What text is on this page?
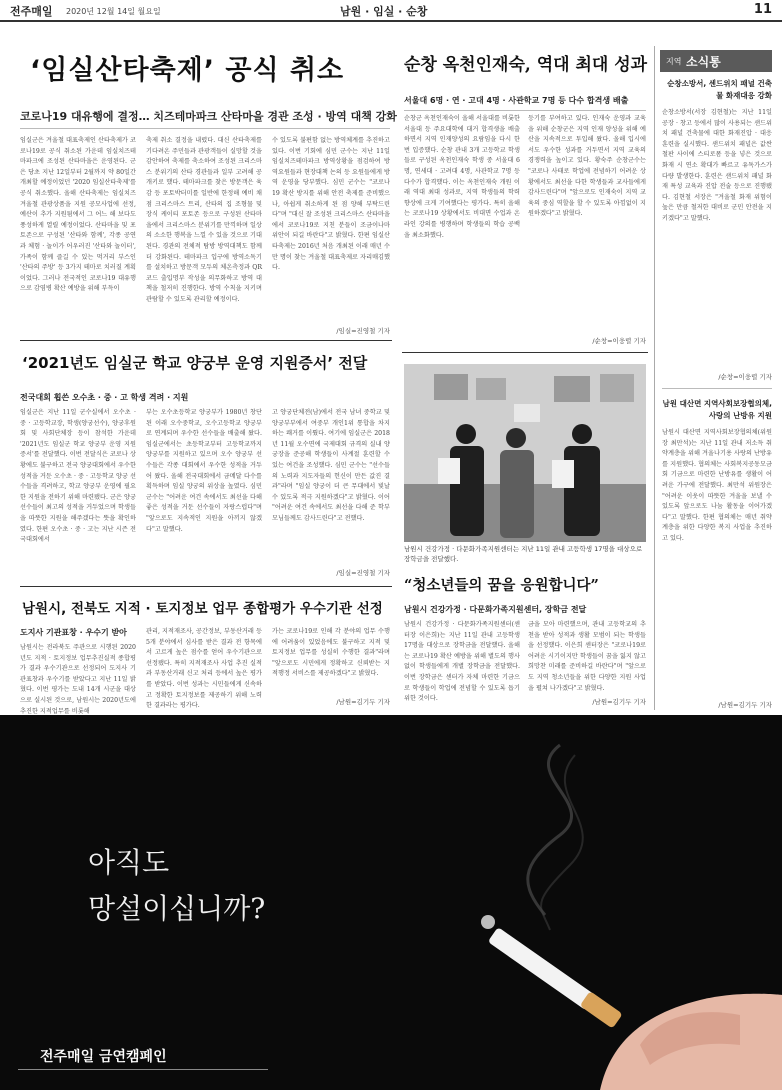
전주매일 2020년 12월 14일 월요일	남원 · 임실 · 순창	11
‘임실산타축제’ 공식 취소
코로나19 대유행에 결정… 치즈테마파크 산타마을 경관 조성 · 방역 대책 강화
임실군은 겨울철 대표축제인 산타축제가 코로나19로 공식 취소된 가운데 임실치즈테마파크에 조성된 산타마을은 운영된다. 군은 당초 지난 12일부터 2월까지 약 80일간 개최할 예정이었던 '2020 임실산타축제'를 공식 취소했다. 올해 산타축제는 임실치즈 겨울철 관광상품을 지원 공모사업에 선정, 예산이 추가 지원됨에서 그 어느 해 보다도 풍성하게 열릴 예정이었다. 산타마을 및 포토존으로 구성된 '산타와 함께', 각종 공연과 체험 · 놀이가 어우러진 '산타와 놀이터', 가족이 함께 즐길 수 있는 먹거리 부스인 '산타의 주방' 등 3가지 테마로 치러질 계획이었다. 그러나 전국적인 코로나19 대유행으로 감염병 확산 예방을 위해 부득이
축제 취소 결정을 내렸다. 대신 산타축제를 기다려온 주민들과 관광객들이 실망할 것을 감안하여 축제를 축소하여 조성된 크리스마스 분위기의 산타 경관들과 일부 고려해 공개키로 했다. 테마파크를 찾은 방문객은 육감 등 포토박터미를 일반에 한정해 예비 채점 크리스마스 트리, 산타의 집 조형물 및 장식 케이티 포토존 등으로 구성된 산타마을에서 크리스마스 분위기를 만끽하며 일상의 소소한 행복을 느낄 수 있을 것으로 기대된다. 경관의 전체적 탐방 방역대책도 함께 더 강화된다. 테마파크 입구에 방역소독기를 설치하고 방문객 모두의 체온측정과 QR코드 출입명부 작성을 의무화하고 방역 대책을 철저히 진행한다. 방역 수칙을 지키며 관람할 수 있도록 관리할 예정이다.
수 있도록 불편함 없는 방역체계를 추진하고 있다. 이번 기회에 심민 군수는 지난 11일 임실치즈테마파크 방역상황을 점검하여 방역요원들과 현장대책 논의 등 요원들에게 방역 운영을 당부했다. 심민 군수는 "코로나19 확산 방지를 위해 안전 축제를 준비했으나, 아쉽게 취소하게 된 점 양해 부탁드린다"며 "대신 잘 조성된 크리스마스 산타마을에서 코로나19로 지친 분들이 조금이나마 위안이 되길 바란다"고 밝혔다. 한편 임실산타축제는 2016년 처음 개최된 이래 매년 수만 명이 찾는 겨울철 대표축제로 자리매김했다.
/임실=진영철 기자
‘2021년도 임실군 학교 양궁부 운영 지원증서’ 전달
전국대회 휩쓴 오수초 · 중 · 고 학생 격려 · 지원
임실군은 지난 11일 군수실에서 오수초 · 중 · 고등학교장, 학생(양궁선수), 양궁후원회 및 사회단체장 등이 참석한 가운데 '2021년도 임실군 학교 양궁부 운영 지원증서'를 전달했다. 이번 전달식은 코로나 상황에도 불구하고 전국 양궁대회에서 우수한 성적을 거둔 오수초 · 중 · 고등학교 양궁 선수들을 격려하고, 학교 양궁부 운영에 필요한 지원을 전하기 위해 마련됐다. 군은 양궁 선수들이 최고의 성적을 거두었으며 학생들을 따뜻한 지원을 해주겠다는 뜻을 확인하였다. 한편 오수초 · 중 · 고는 지난 시즌 전국대회에서
부는 오수초등학교 양궁부가 1980년 창단된 이래 오수중학교, 오수고등학교 양궁부로 연계되며 우수한 선수들을 배출해 왔다. 임실군에서는 초등학교부터 고등학교까지 양궁부를 지원하고 있으며 오수 양궁부 선수들은 각종 대회에서 우수한 성적을 거두어 왔다. 올해 전국대회에서 금메달 다수를 획득하며 임실 양궁의 위상을 높였다. 심민 군수는 "어려운 여건 속에서도 최선을 다해 좋은 성적을 거둔 선수들이 자랑스럽다"며 "앞으로도 지속적인 지원을 아끼지 않겠다"고 말했다.
고 양궁단체전(남)에서 전국 남녀 중학교 및 양궁부부에서 여중부 개인1위 통합을 차지하는 쾌거를 이뤘다. 여기에 임실군은 2018년 11월 오수면에 국제대회 규격의 실내 양궁장을 준공해 학생들이 사계절 훈련할 수 있는 여건을 조성했다. 심민 군수는 "선수들의 노력과 지도자들의 헌신이 만든 값진 결과"라며 "임실 양궁이 더 큰 무대에서 빛날 수 있도록 적극 지원하겠다"고 밝혔다. 이어 "어려운 여건 속에서도 최선을 다해 준 학부모님들께도 감사드린다"고 전했다.
/임실=진영철 기자
남원시, 전북도 지적 · 토지정보 업무 종합평가 우수기관 선정
도지사 기관표창 · 우수기 받아
남원시는 전라북도 주관으로 시행된 2020년도 지적 · 토지정보 업무추진실적 종합평가 결과 우수기관으로 선정되어 도지사 기관표창과 우수기를 받았다고 지난 11일 밝혔다. 이번 평가는 도내 14개 시군을 대상으로 실시된 것으로, 남원시는 2020년도에 추진한 지적업무를 비롯해
관리, 지적재조사, 공간정보, 부동산거래 등 5개 분야에서 심사를 받은 결과 전 항목에서 고르게 높은 점수를 얻어 우수기관으로 선정됐다. 특히 지적재조사 사업 추진 실적과 부동산거래 신고 처리 등에서 높은 평가를 받았다. 이번 성과는 시민들에게 신속하고 정확한 토지정보를 제공하기 위해 노력한 결과라는 평가다.
가는 코로나19로 인해 각 분야의 업무 수행에 어려움이 있었음에도 불구하고 지적 및 토지정보 업무를 성실히 수행한 결과"라며 "앞으로도 시민에게 정확하고 신뢰받는 지적행정 서비스를 제공하겠다"고 밝혔다.
/남원=김기두 기자
순창 옥천인재숙, 역대 최대 성과
서울대 6명 · 연 · 고대 4명 · 사관학교 7명 등 다수 합격생 배출
순창군 옥천인재숙이 올해 서울대를 비롯한 서울대 등 주요대학에 대거 합격생을 배출하면서 지역 인재양성의 요람임을 다시 한번 입증했다. 순창 관내 3개 고등학교 학생들로 구성된 옥천인재숙 학생 중 서울대 6명, 연세대 · 고려대 4명, 사관학교 7명 등 다수가 합격했다. 이는 옥천인재숙 개원 이래 역대 최대 성과로, 지역 학생들의 학력 향상에 크게 기여했다는 평가다. 특히 올해는 코로나19 상황에서도 비대면 수업과 온라인 강의를 병행하며 학생들의 학습 공백을 최소화했다.
등기를 부여하고 있다. 인재숙 운영과 교육을 위해 순창군은 지역 인재 양성을 위해 예산을 지속적으로 투입해 왔다. 올해 입시에서도 우수한 성과를 거두면서 지역 교육의 경쟁력을 높이고 있다. 황숙주 순창군수는 "코로나 사태로 학업에 전념하기 어려운 상황에서도 최선을 다한 학생들과 교사들에게 감사드린다"며 "앞으로도 인재숙이 지역 교육의 중심 역할을 할 수 있도록 아낌없이 지원하겠다"고 밝혔다.
/순창=이웅렬 기자
남원시 건강가정 · 다문화가족지원센터는 지난 11일 관내 고등학생 17명을 대상으로 장학금을 전달했다.
“청소년들의 꿈을 응원합니다”
남원시 건강가정 · 다문화가족지원센터, 장학금 전달
남원시 건강가정 · 다문화가족지원센터(센터장 이은희)는 지난 11일 관내 고등학생 17명을 대상으로 장학금을 전달했다. 올해는 코로나19 확산 예방을 위해 별도의 행사 없이 학생들에게 개별 장학금을 전달했다. 이번 장학금은 센터가 자체 마련한 기금으로 학생들이 학업에 전념할 수 있도록 돕기 위한 것이다.
금을 모아 마련했으며, 관내 고등학교의 추천을 받아 성적과 생활 모범이 되는 학생들을 선정했다. 이은희 센터장은 "코로나19로 어려운 시기이지만 학생들이 꿈을 잃지 않고 희망찬 미래를 준비하길 바란다"며 "앞으로도 지역 청소년들을 위한 다양한 지원 사업을 펼쳐 나가겠다"고 밝혔다.
/남원=김기두 기자
지역 소식통
순창소방서, 센드위치 패널 건축물 화재대응 강화
순창소방서(서장 김현철)는 지난 11일 공장 · 창고 등에서 많이 사용되는 샌드위치 패널 건축물에 대한 화재진압 · 대응 훈련을 실시했다. 샌드위치 패널은 값싼 철판 사이에 스티로폼 등을 넣은 것으로 화재 시 연소 확대가 빠르고 유독가스가 다량 발생한다. 훈련은 샌드위치 패널 화재 특성 교육과 진압 전술 등으로 진행됐다. 김현철 서장은 "겨울철 화재 위험이 높은 만큼 철저한 대비로 군민 안전을 지키겠다"고 말했다.
/순창=이웅렬 기자
남원 대산면 지역사회보장협의체, 사랑의 난방유 지원
남원시 대산면 지역사회보장협의체(위원장 최만석)는 지난 11일 관내 저소득 취약계층을 위해 겨울나기용 사랑의 난방유를 지원했다. 협의체는 사회복지공동모금회 기금으로 마련한 난방유를 생활이 어려운 가구에 전달했다. 최만석 위원장은 "어려운 이웃이 따뜻한 겨울을 보낼 수 있도록 앞으로도 나눔 활동을 이어가겠다"고 말했다. 한편 협의체는 매년 취약계층을 위한 다양한 복지 사업을 추진하고 있다.
/남원=김기두 기자
아직도
망설이십니까?
전주매일 금연캠페인
